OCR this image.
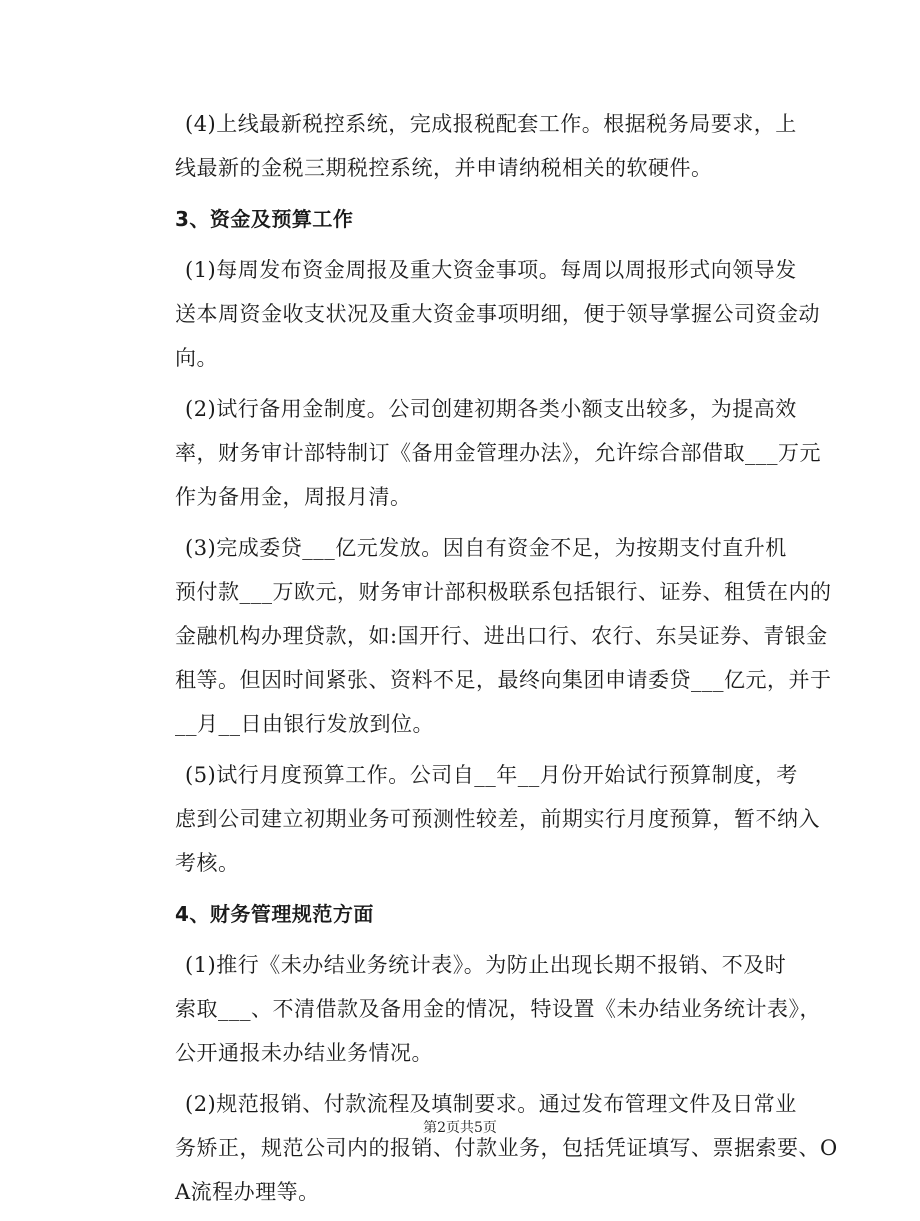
(4)上线最新税控系统，完成报税配套工作。根据税务局要求，上
线最新的金税三期税控系统，并申请纳税相关的软硬件。
3、资金及预算工作
(1)每周发布资金周报及重大资金事项。每周以周报形式向领导发
送本周资金收支状况及重大资金事项明细，便于领导掌握公司资金动
向。
(2)试行备用金制度。公司创建初期各类小额支出较多，为提高效
率，财务审计部特制订《备用金管理办法》，允许综合部借取___万元
作为备用金，周报月清。
(3)完成委贷___亿元发放。因自有资金不足，为按期支付直升机
预付款___万欧元，财务审计部积极联系包括银行、证券、租赁在内的
金融机构办理贷款，如:国开行、进出口行、农行、东吴证券、青银金
租等。但因时间紧张、资料不足，最终向集团申请委贷___亿元，并于
__月__日由银行发放到位。
(5)试行月度预算工作。公司自__年__月份开始试行预算制度，考
虑到公司建立初期业务可预测性较差，前期实行月度预算，暂不纳入
考核。
4、财务管理规范方面
(1)推行《未办结业务统计表》。为防止出现长期不报销、不及时
索取___、不清借款及备用金的情况，特设置《未办结业务统计表》，
公开通报未办结业务情况。
(2)规范报销、付款流程及填制要求。通过发布管理文件及日常业
务矫正，规范公司内的报销、付款业务，包括凭证填写、票据索要、O
A流程办理等。
第2页共5页
